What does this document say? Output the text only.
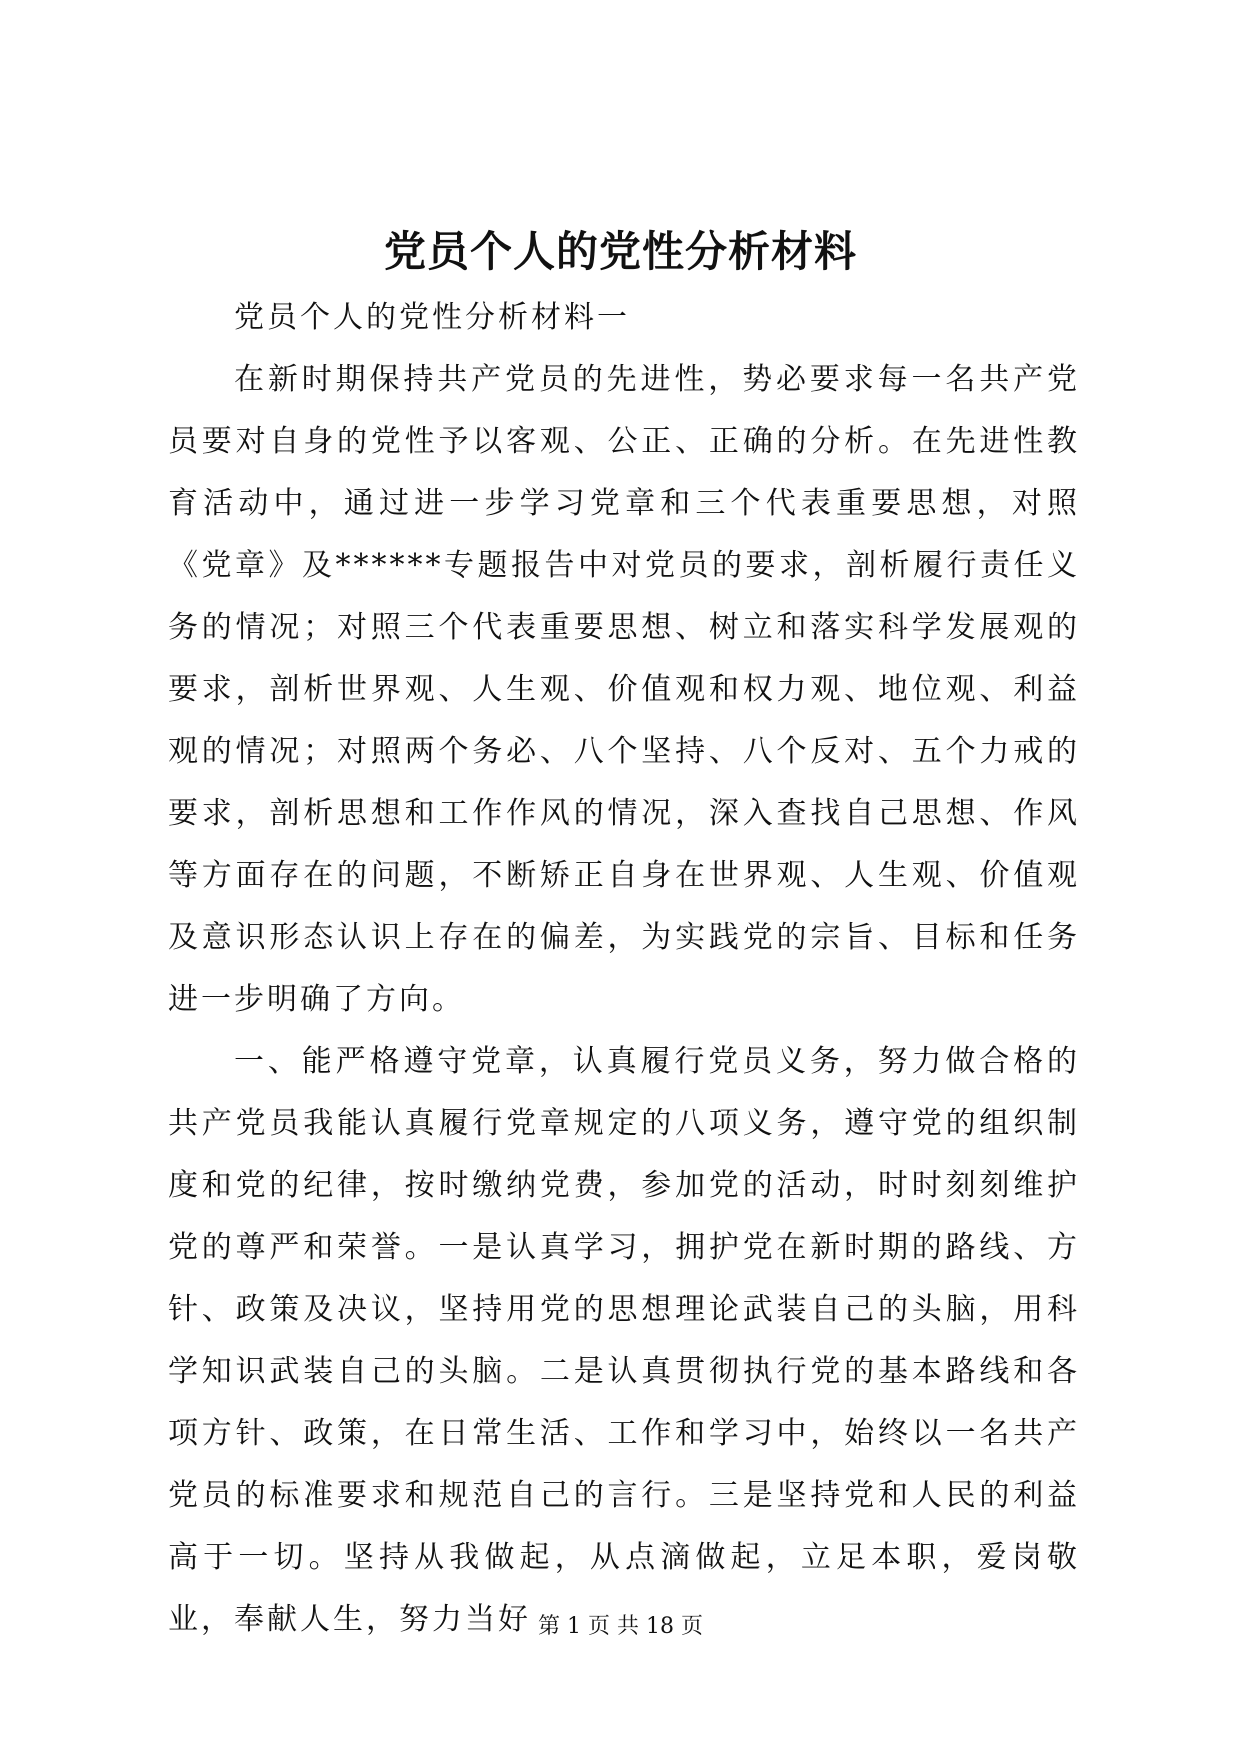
党员个人的党性分析材料

党员个人的党性分析材料一

在新时期保持共产党员的先进性，势必要求每一名共产党员要对自身的党性予以客观、公正、正确的分析。在先进性教育活动中，通过进一步学习党章和三个代表重要思想，对照《党章》及******专题报告中对党员的要求，剖析履行责任义务的情况；对照三个代表重要思想、树立和落实科学发展观的要求，剖析世界观、人生观、价值观和权力观、地位观、利益观的情况；对照两个务必、八个坚持、八个反对、五个力戒的要求，剖析思想和工作作风的情况，深入查找自己思想、作风等方面存在的问题，不断矫正自身在世界观、人生观、价值观及意识形态认识上存在的偏差，为实践党的宗旨、目标和任务进一步明确了方向。

一、能严格遵守党章，认真履行党员义务，努力做合格的共产党员我能认真履行党章规定的八项义务，遵守党的组织制度和党的纪律，按时缴纳党费，参加党的活动，时时刻刻维护党的尊严和荣誉。一是认真学习，拥护党在新时期的路线、方针、政策及决议，坚持用党的思想理论武装自己的头脑，用科学知识武装自己的头脑。二是认真贯彻执行党的基本路线和各项方针、政策，在日常生活、工作和学习中，始终以一名共产党员的标准要求和规范自己的言行。三是坚持党和人民的利益高于一切。坚持从我做起，从点滴做起，立足本职，爱岗敬业，奉献人生，努力当好 第 1 页 共 18 页
